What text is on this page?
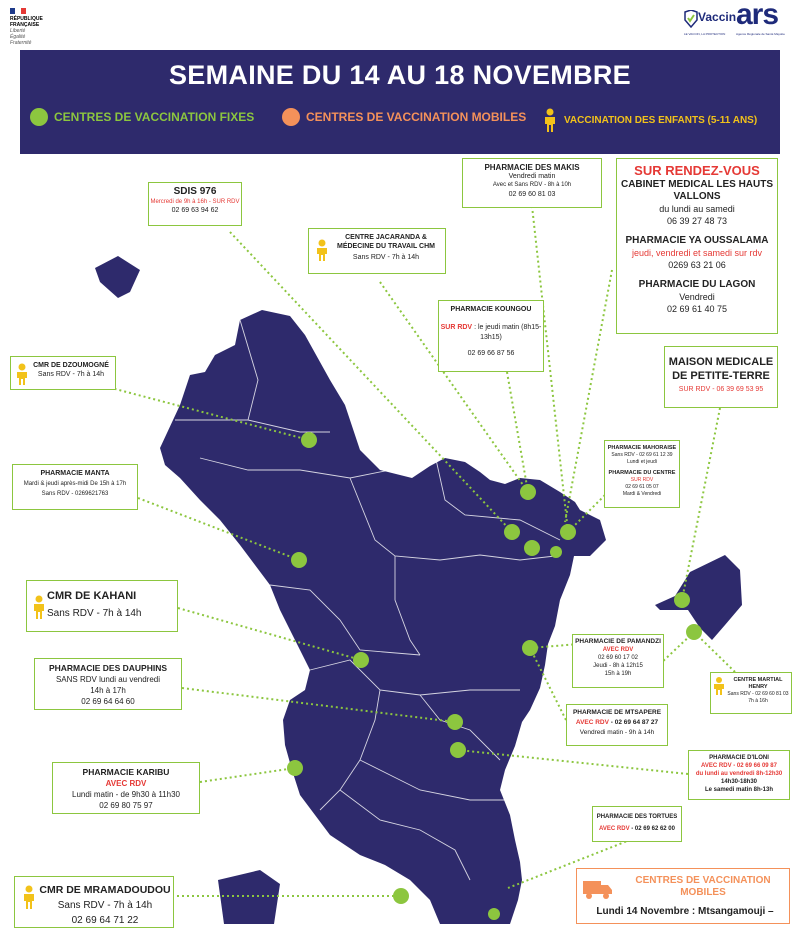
RÉPUBLIQUE
FRANÇAISE
Liberté
Égalité
Fraternité
Vaccin
LE VACCIN, LA PROTECTION
ars
Agence Régionale de Santé Mayotte
SEMAINE DU 14 AU 18 NOVEMBRE
CENTRES DE VACCINATION FIXES	CENTRES DE VACCINATION MOBILES	VACCINATION DES ENFANTS (5-11 ANS)
SDIS 976
Mercredi de 9h à 16h - SUR RDV
02 69 63 94 62
CENTRE JACARANDA & MÉDECINE DU TRAVAIL CHM
Sans RDV - 7h à 14h
PHARMACIE DES MAKIS
Vendredi matin
Avec et Sans RDV - 8h à 10h
02 69 60 81 03
SUR RENDEZ-VOUS
CABINET MEDICAL LES HAUTS VALLONS
du lundi au samedi
06 39 27 48 73
PHARMACIE YA OUSSALAMA
jeudi, vendredi et samedi sur rdv
0269 63 21 06
PHARMACIE DU LAGON
Vendredi
02 69 61 40 75
PHARMACIE KOUNGOU
SUR RDV : le jeudi matin (8h15-13h15)
02 69 66 87 56
CMR DE DZOUMOGNÉ
Sans RDV - 7h à 14h
MAISON MEDICALE DE PETITE-TERRE
SUR RDV - 06 39 69 53 95
PHARMACIE MAHORAISE
Sans RDV - 02 69 61 12 39
Lundi et jeudi
PHARMACIE DU CENTRE
SUR RDV
02 69 61 05 07
Mardi & Vendredi
PHARMACIE MANTA
Mardi & jeudi après-midi De 15h à 17h
Sans RDV - 0269621763
CMR DE KAHANI
Sans RDV - 7h à 14h
PHARMACIE DE PAMANDZI
AVEC RDV
02 69 60 17 02
Jeudi - 8h à 12h15
15h à 19h
CENTRE MARTIAL HENRY
Sans RDV - 02 69 60 81 03
7h à 16h
PHARMACIE DES DAUPHINS
SANS RDV lundi au vendredi
14h à 17h
02 69 64 64 60
PHARMACIE DE MTSAPERE
AVEC RDV - 02 69 64 87 27
Vendredi matin - 9h à 14h
PHARMACIE D'ILONI
AVEC RDV - 02 69 66 09 87
du lundi au vendredi 8h-12h30
14h30-18h30
Le samedi matin 8h-13h
PHARMACIE KARIBU
AVEC RDV
Lundi matin - de 9h30 à 11h30
02 69 80 75 97
PHARMACIE DES TORTUES
AVEC RDV - 02 69 62 62 00
CMR DE MRAMADOUDOU
Sans RDV - 7h à 14h
02 69 64 71 22
CENTRES DE VACCINATION MOBILES
Lundi 14 Novembre : Mtsangamouji –
